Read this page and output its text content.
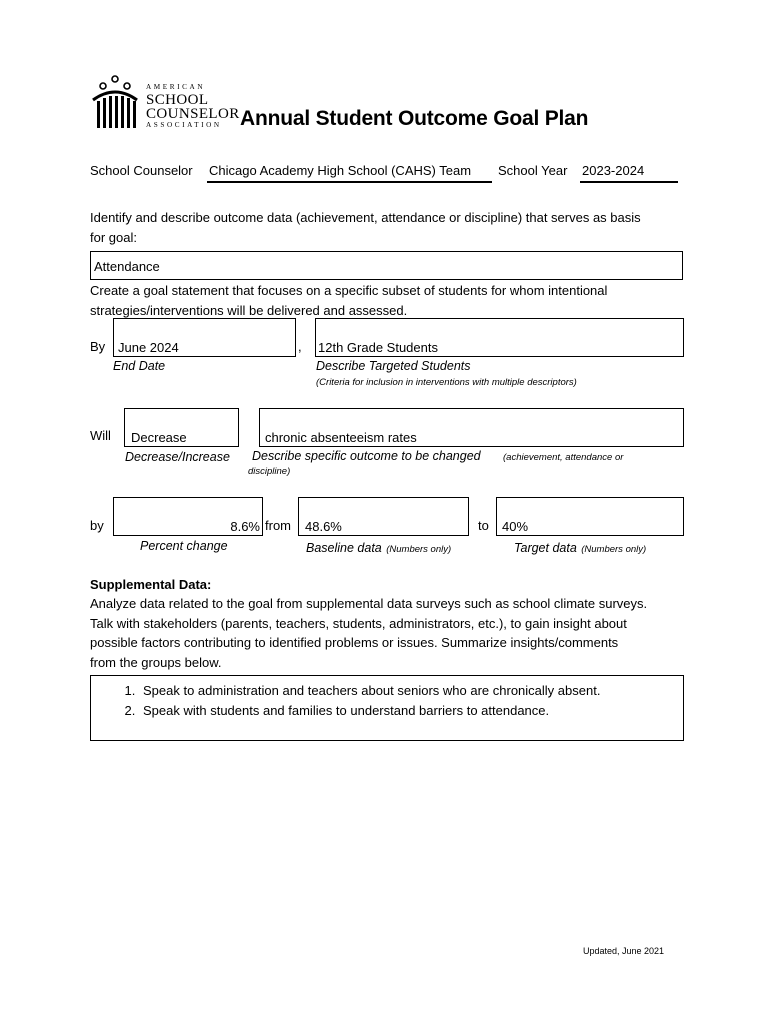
AMERICAN
SCHOOL
COUNSELOR
ASSOCIATION Annual Student Outcome Goal Plan
School Counselor Chicago Academy High School (CAHS) Team School Year 2023-2024
Identify and describe outcome data (achievement, attendance or discipline) that serves as basis
for goal:
Attendance
Create a goal statement that focuses on a specific subset of students for whom intentional
strategies/interventions will be delivered and assessed.
By June 2024	, 12th Grade Students
End Date	Describe Targeted Students
(Criteria for inclusion in interventions with multiple descriptors)
Will Decrease	chronic absenteeism rates
Decrease/Increase Describe specific outcome to be changed (achievement, attendance or
discipline)
by	8.6% from 48.6%	to 40%
Percent change	Baseline data (Numbers only)	Target data (Numbers only)
Supplemental Data:
Analyze data related to the goal from supplemental data surveys such as school climate surveys.
Talk with stakeholders (parents, teachers, students, administrators, etc.), to gain insight about
possible factors contributing to identified problems or issues. Summarize insights/comments
from the groups below.
1. Speak to administration and teachers about seniors who are chronically absent.
2. Speak with students and families to understand barriers to attendance.
Updated, June 2021
